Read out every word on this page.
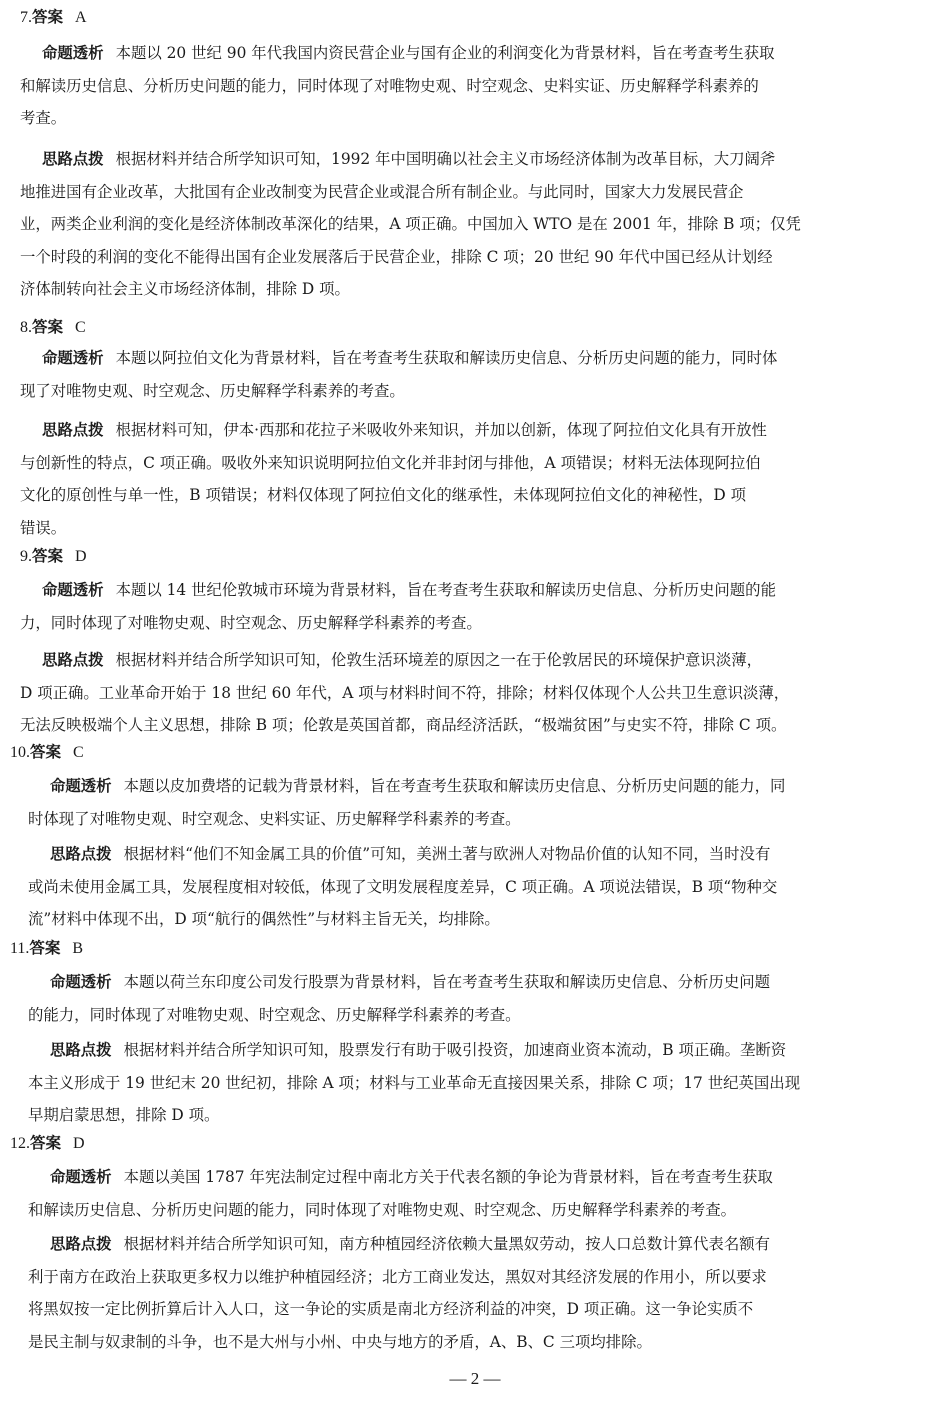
7.答案 A
命题透析 本题以 20 世纪 90 年代我国内资民营企业与国有企业的利润变化为背景材料，旨在考查考生获取
和解读历史信息、分析历史问题的能力，同时体现了对唯物史观、时空观念、史料实证、历史解释学科素养的
考查。
思路点拨 根据材料并结合所学知识可知，1992 年中国明确以社会主义市场经济体制为改革目标，大刀阔斧
地推进国有企业改革，大批国有企业改制变为民营企业或混合所有制企业。与此同时，国家大力发展民营企
业，两类企业利润的变化是经济体制改革深化的结果，A 项正确。中国加入 WTO 是在 2001 年，排除 B 项；仅凭
一个时段的利润的变化不能得出国有企业发展落后于民营企业，排除 C 项；20 世纪 90 年代中国已经从计划经
济体制转向社会主义市场经济体制，排除 D 项。
8.答案 C
命题透析 本题以阿拉伯文化为背景材料，旨在考查考生获取和解读历史信息、分析历史问题的能力，同时体
现了对唯物史观、时空观念、历史解释学科素养的考查。
思路点拨 根据材料可知，伊本·西那和花拉子米吸收外来知识，并加以创新，体现了阿拉伯文化具有开放性
与创新性的特点，C 项正确。吸收外来知识说明阿拉伯文化并非封闭与排他，A 项错误；材料无法体现阿拉伯
文化的原创性与单一性，B 项错误；材料仅体现了阿拉伯文化的继承性，未体现阿拉伯文化的神秘性，D 项
错误。
9.答案 D
命题透析 本题以 14 世纪伦敦城市环境为背景材料，旨在考查考生获取和解读历史信息、分析历史问题的能
力，同时体现了对唯物史观、时空观念、历史解释学科素养的考查。
思路点拨 根据材料并结合所学知识可知，伦敦生活环境差的原因之一在于伦敦居民的环境保护意识淡薄，
D 项正确。工业革命开始于 18 世纪 60 年代，A 项与材料时间不符，排除；材料仅体现个人公共卫生意识淡薄，
无法反映极端个人主义思想，排除 B 项；伦敦是英国首都，商品经济活跃，“极端贫困”与史实不符，排除 C 项。
10.答案 C
命题透析 本题以皮加费塔的记载为背景材料，旨在考查考生获取和解读历史信息、分析历史问题的能力，同
时体现了对唯物史观、时空观念、史料实证、历史解释学科素养的考查。
思路点拨 根据材料“他们不知金属工具的价值”可知，美洲土著与欧洲人对物品价值的认知不同，当时没有
或尚未使用金属工具，发展程度相对较低，体现了文明发展程度差异，C 项正确。A 项说法错误，B 项“物种交
流”材料中体现不出，D 项“航行的偶然性”与材料主旨无关，均排除。
11.答案 B
命题透析 本题以荷兰东印度公司发行股票为背景材料，旨在考查考生获取和解读历史信息、分析历史问题
的能力，同时体现了对唯物史观、时空观念、历史解释学科素养的考查。
思路点拨 根据材料并结合所学知识可知，股票发行有助于吸引投资，加速商业资本流动，B 项正确。垄断资
本主义形成于 19 世纪末 20 世纪初，排除 A 项；材料与工业革命无直接因果关系，排除 C 项；17 世纪英国出现
早期启蒙思想，排除 D 项。
12.答案 D
命题透析 本题以美国 1787 年宪法制定过程中南北方关于代表名额的争论为背景材料，旨在考查考生获取
和解读历史信息、分析历史问题的能力，同时体现了对唯物史观、时空观念、历史解释学科素养的考查。
思路点拨 根据材料并结合所学知识可知，南方种植园经济依赖大量黑奴劳动，按人口总数计算代表名额有
利于南方在政治上获取更多权力以维护种植园经济；北方工商业发达，黑奴对其经济发展的作用小，所以要求
将黑奴按一定比例折算后计入人口，这一争论的实质是南北方经济利益的冲突，D 项正确。这一争论实质不
是民主制与奴隶制的斗争，也不是大州与小州、中央与地方的矛盾，A、B、C 三项均排除。
— 2 —
